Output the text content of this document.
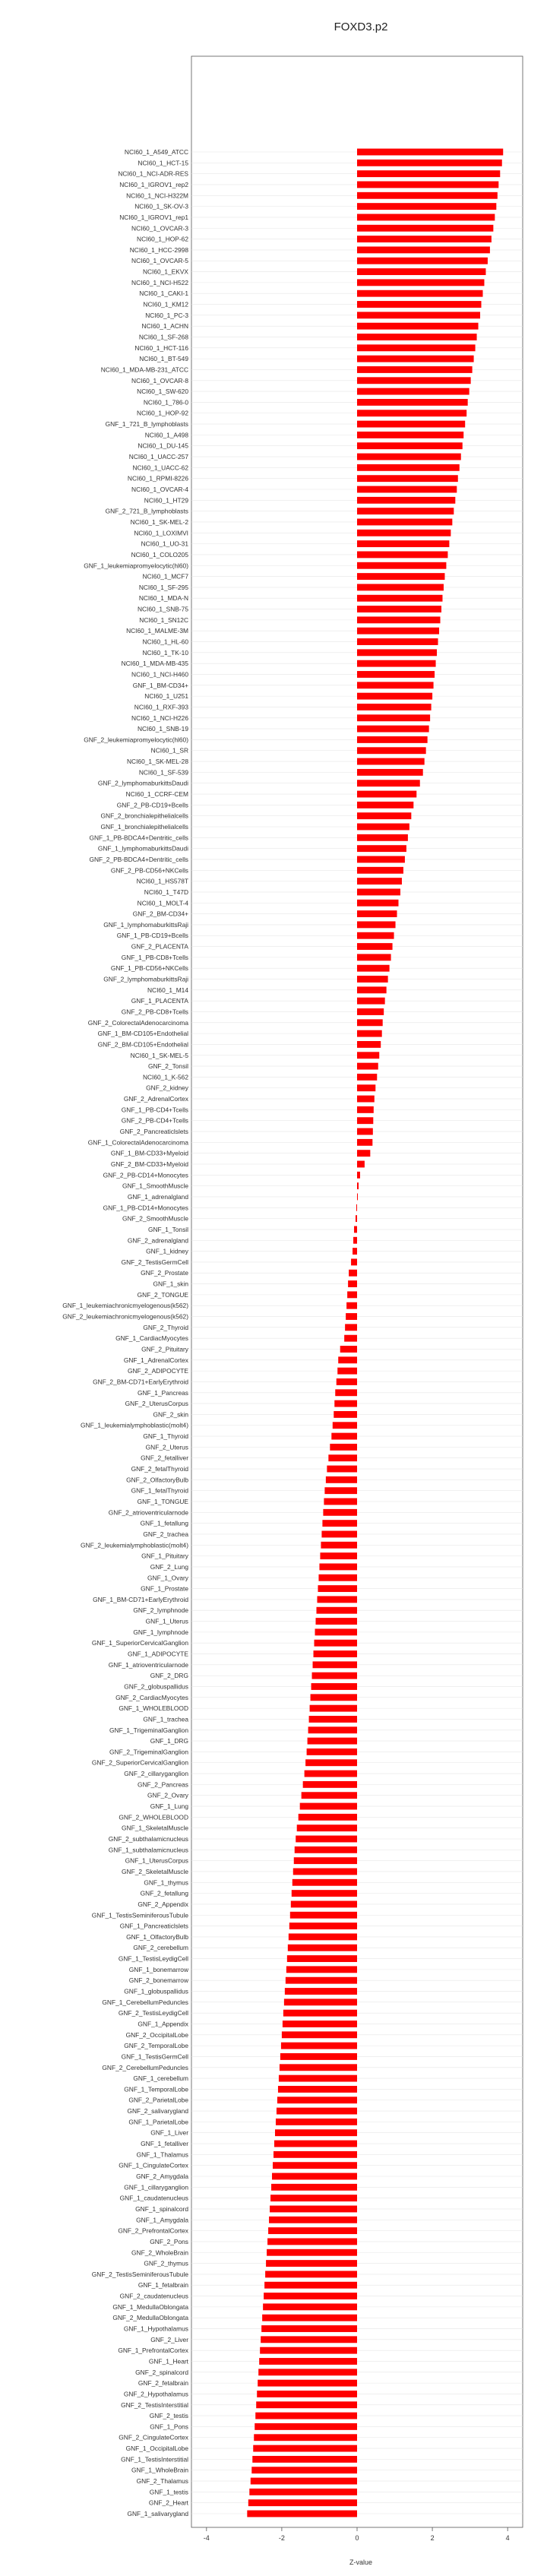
FOXD3.p2
NCI60_1_A549_ATCC
NCI60_1_HCT-15
NCI60_1_NCI-ADR-RES
NCI60_1_IGROV1_rep2
NCI60_1_NCI-H322M
NCI60_1_SK-OV-3
NCI60_1_IGROV1_rep1
NCI60_1_OVCAR-3
NCI60_1_HOP-62
NCI60_1_HCC-2998
NCI60_1_OVCAR-5
NCI60_1_EKVX
NCI60_1_NCI-H522
NCI60_1_CAKI-1
NCI60_1_KM12
NCI60_1_PC-3
NCI60_1_ACHN
NCI60_1_SF-268
NCI60_1_HCT-116
NCI60_1_BT-549
NCI60_1_MDA-MB-231_ATCC
NCI60_1_OVCAR-8
NCI60_1_SW-620
NCI60_1_786-0
NCI60_1_HOP-92
GNF_1_721_B_lymphoblasts
NCI60_1_A498
NCI60_1_DU-145
NCI60_1_UACC-257
NCI60_1_UACC-62
NCI60_1_RPMI-8226
NCI60_1_OVCAR-4
NCI60_1_HT29
GNF_2_721_B_lymphoblasts
NCI60_1_SK-MEL-2
NCI60_1_LOXIMVI
NCI60_1_UO-31
NCI60_1_COLO205
GNF_1_leukemiapromyelocytic(hl60)
NCI60_1_MCF7
NCI60_1_SF-295
NCI60_1_MDA-N
NCI60_1_SNB-75
NCI60_1_SN12C
NCI60_1_MALME-3M
NCI60_1_HL-60
NCI60_1_TK-10
NCI60_1_MDA-MB-435
NCI60_1_NCI-H460
GNF_1_BM-CD34+
NCI60_1_U251
NCI60_1_RXF-393
NCI60_1_NCI-H226
NCI60_1_SNB-19
GNF_2_leukemiapromyelocytic(hl60)
NCI60_1_SR
NCI60_1_SK-MEL-28
NCI60_1_SF-539
GNF_2_lymphomaburkittsDaudi
NCI60_1_CCRF-CEM
GNF_2_PB-CD19+Bcells
GNF_2_bronchialepithelialcells
GNF_1_bronchialepithelialcells
GNF_1_PB-BDCA4+Dentritic_cells
GNF_1_lymphomaburkittsDaudi
GNF_2_PB-BDCA4+Dentritic_cells
GNF_2_PB-CD56+NKCells
NCI60_1_HS578T
NCI60_1_T47D
NCI60_1_MOLT-4
GNF_2_BM-CD34+
GNF_1_lymphomaburkittsRaji
GNF_1_PB-CD19+Bcells
GNF_2_PLACENTA
GNF_1_PB-CD8+Tcells
GNF_1_PB-CD56+NKCells
GNF_2_lymphomaburkittsRaji
NCI60_1_M14
GNF_1_PLACENTA
GNF_2_PB-CD8+Tcells
GNF_2_ColorectalAdenocarcinoma
GNF_1_BM-CD105+Endothelial
GNF_2_BM-CD105+Endothelial
NCI60_1_SK-MEL-5
GNF_2_Tonsil
NCI60_1_K-562
GNF_2_kidney
GNF_2_AdrenalCortex
GNF_1_PB-CD4+Tcells
GNF_2_PB-CD4+Tcells
GNF_2_Pancreaticlslets
GNF_1_ColorectalAdenocarcinoma
GNF_1_BM-CD33+Myeloid
GNF_2_BM-CD33+Myeloid
GNF_2_PB-CD14+Monocytes
GNF_1_SmoothMuscle
GNF_1_adrenalgland
GNF_1_PB-CD14+Monocytes
GNF_2_SmoothMuscle
GNF_1_Tonsil
GNF_2_adrenalgland
GNF_1_kidney
GNF_2_TestisGermCell
GNF_2_Prostate
GNF_1_skin
GNF_2_TONGUE
GNF_1_leukemiachronicmyelogenous(k562)
GNF_2_leukemiachronicmyelogenous(k562)
GNF_2_Thyroid
GNF_1_CardiacMyocytes
GNF_2_Pituitary
GNF_1_AdrenalCortex
GNF_2_ADIPOCYTE
GNF_2_BM-CD71+EarlyErythroid
GNF_1_Pancreas
GNF_2_UterusCorpus
GNF_2_skin
GNF_1_leukemialymphoblastic(molt4)
GNF_1_Thyroid
GNF_2_Uterus
GNF_2_fetalliver
GNF_2_fetalThyroid
GNF_2_OlfactoryBulb
GNF_1_fetalThyroid
GNF_1_TONGUE
GNF_2_atrioventricularnode
GNF_1_fetallung
GNF_2_trachea
GNF_2_leukemialymphoblastic(molt4)
GNF_1_Pituitary
GNF_2_Lung
GNF_1_Ovary
GNF_1_Prostate
GNF_1_BM-CD71+EarlyErythroid
GNF_2_lymphnode
GNF_1_Uterus
GNF_1_lymphnode
GNF_1_SuperiorCervicalGanglion
GNF_1_ADIPOCYTE
GNF_1_atrioventricularnode
GNF_2_DRG
GNF_2_globuspallidus
GNF_2_CardiacMyocytes
GNF_1_WHOLEBLOOD
GNF_1_trachea
GNF_1_TrigeminalGanglion
GNF_1_DRG
GNF_2_TrigeminalGanglion
GNF_2_SuperiorCervicalGanglion
GNF_2_cillaryganglion
GNF_2_Pancreas
GNF_2_Ovary
GNF_1_Lung
GNF_2_WHOLEBLOOD
GNF_1_SkeletalMuscle
GNF_2_subthalamicnucleus
GNF_1_subthalamicnucleus
GNF_1_UterusCorpus
GNF_2_SkeletalMuscle
GNF_1_thymus
GNF_2_fetallung
GNF_2_Appendix
GNF_1_TestisSeminiferousTubule
GNF_1_Pancreaticlslets
GNF_1_OlfactoryBulb
GNF_2_cerebellum
GNF_1_TestisLeydigCell
GNF_1_bonemarrow
GNF_2_bonemarrow
GNF_1_globuspallidus
GNF_1_CerebellumPeduncles
GNF_2_TestisLeydigCell
GNF_1_Appendix
GNF_2_OccipitalLobe
GNF_2_TemporalLobe
GNF_1_TestisGermCell
GNF_2_CerebellumPeduncles
GNF_1_cerebellum
GNF_1_TemporalLobe
GNF_2_ParietalLobe
GNF_2_salivarygland
GNF_1_ParietalLobe
GNF_1_Liver
GNF_1_fetalliver
GNF_1_Thalamus
GNF_1_CingulateCortex
GNF_2_Amygdala
GNF_1_cillaryganglion
GNF_1_caudatenucleus
GNF_1_spinalcord
GNF_1_Amygdala
GNF_2_PrefrontalCortex
GNF_2_Pons
GNF_2_WholeBrain
GNF_2_thymus
GNF_2_TestisSeminiferousTubule
GNF_1_fetalbrain
GNF_2_caudatenucleus
GNF_1_MedullaOblongata
GNF_2_MedullaOblongata
GNF_1_Hypothalamus
GNF_2_Liver
GNF_1_PrefrontalCortex
GNF_1_Heart
GNF_2_spinalcord
GNF_2_fetalbrain
GNF_2_Hypothalamus
GNF_2_TestisInterstitial
GNF_2_testis
GNF_1_Pons
GNF_2_CingulateCortex
GNF_1_OccipitalLobe
GNF_1_TestisInterstitial
GNF_1_WholeBrain
GNF_2_Thalamus
GNF_1_testis
GNF_2_Heart
GNF_1_salivarygland
-4	-2	0	2	4
Z-value
